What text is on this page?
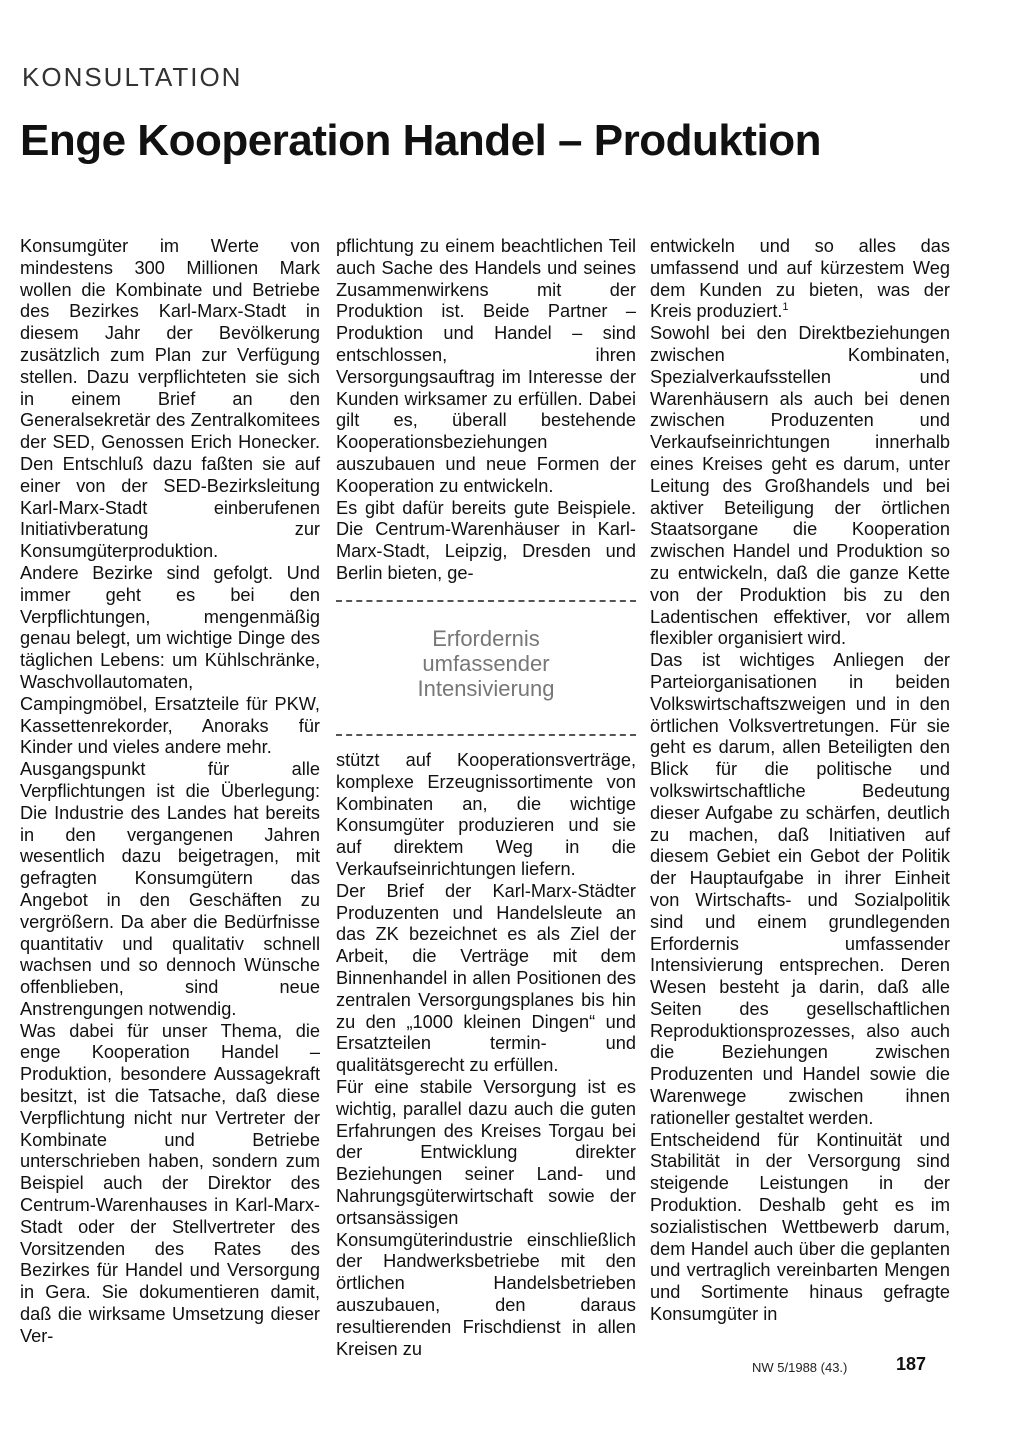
KONSULTATION
Enge Kooperation Handel – Produktion

Konsumgüter im Werte von mindestens 300 Millionen Mark wollen die Kombinate und Betriebe des Bezirkes Karl-Marx-Stadt in diesem Jahr der Bevölkerung zusätzlich zum Plan zur Verfügung stellen. Dazu verpflichteten sie sich in einem Brief an den Generalsekretär des Zentralkomitees der SED, Genossen Erich Honecker. Den Entschluß dazu faßten sie auf einer von der SED-Bezirksleitung Karl-Marx-Stadt einberufenen Initiativberatung zur Konsumgüterproduktion.

Andere Bezirke sind gefolgt. Und immer geht es bei den Verpflichtungen, mengenmäßig genau belegt, um wichtige Dinge des täglichen Lebens: um Kühlschränke, Waschvollautomaten, Campingmöbel, Ersatzteile für PKW, Kassettenrekorder, Anoraks für Kinder und vieles andere mehr.

Ausgangspunkt für alle Verpflichtungen ist die Überlegung: Die Industrie des Landes hat bereits in den vergangenen Jahren wesentlich dazu beigetragen, mit gefragten Konsumgütern das Angebot in den Geschäften zu vergrößern. Da aber die Bedürfnisse quantitativ und qualitativ schnell wachsen und so dennoch Wünsche offenblieben, sind neue Anstrengungen notwendig.

Was dabei für unser Thema, die enge Kooperation Handel – Produktion, besondere Aussagekraft besitzt, ist die Tatsache, daß diese Verpflichtung nicht nur Vertreter der Kombinate und Betriebe unterschrieben haben, sondern zum Beispiel auch der Direktor des Centrum-Warenhauses in Karl-Marx-Stadt oder der Stellvertreter des Vorsitzenden des Rates des Bezirkes für Handel und Versorgung in Gera. Sie dokumentieren damit, daß die wirksame Umsetzung dieser Ver-

pflichtung zu einem beachtlichen Teil auch Sache des Handels und seines Zusammenwirkens mit der Produktion ist. Beide Partner – Produktion und Handel – sind entschlossen, ihren Versorgungsauftrag im Interesse der Kunden wirksamer zu erfüllen. Dabei gilt es, überall bestehende Kooperationsbeziehungen auszubauen und neue Formen der Kooperation zu entwickeln.

Es gibt dafür bereits gute Beispiele. Die Centrum-Warenhäuser in Karl-Marx-Stadt, Leipzig, Dresden und Berlin bieten, ge-

Erfordernis
umfassender
Intensivierung

stützt auf Kooperationsverträge, komplexe Erzeugnissortimente von Kombinaten an, die wichtige Konsumgüter produzieren und sie auf direktem Weg in die Verkaufseinrichtungen liefern.

Der Brief der Karl-Marx-Städter Produzenten und Handelsleute an das ZK bezeichnet es als Ziel der Arbeit, die Verträge mit dem Binnenhandel in allen Positionen des zentralen Versorgungsplanes bis hin zu den „1000 kleinen Dingen“ und Ersatzteilen termin- und qualitätsgerecht zu erfüllen.

Für eine stabile Versorgung ist es wichtig, parallel dazu auch die guten Erfahrungen des Kreises Torgau bei der Entwicklung direkter Beziehungen seiner Land- und Nahrungsgüterwirtschaft sowie der ortsansässigen Konsumgüterindustrie einschließlich der Handwerksbetriebe mit den örtlichen Handelsbetrieben auszubauen, den daraus resultierenden Frischdienst in allen Kreisen zu

entwickeln und so alles das umfassend und auf kürzestem Weg dem Kunden zu bieten, was der Kreis produziert.$^1$

Sowohl bei den Direktbeziehungen zwischen Kombinaten, Spezialverkaufsstellen und Warenhäusern als auch bei denen zwischen Produzenten und Verkaufseinrichtungen innerhalb eines Kreises geht es darum, unter Leitung des Großhandels und bei aktiver Beteiligung der örtlichen Staatsorgane die Kooperation zwischen Handel und Produktion so zu entwickeln, daß die ganze Kette von der Produktion bis zu den Ladentischen effektiver, vor allem flexibler organisiert wird.

Das ist wichtiges Anliegen der Parteiorganisationen in beiden Volkswirtschaftszweigen und in den örtlichen Volksvertretungen. Für sie geht es darum, allen Beteiligten den Blick für die politische und volkswirtschaftliche Bedeutung dieser Aufgabe zu schärfen, deutlich zu machen, daß Initiativen auf diesem Gebiet ein Gebot der Politik der Hauptaufgabe in ihrer Einheit von Wirtschafts- und Sozialpolitik sind und einem grundlegenden Erfordernis umfassender Intensivierung entsprechen. Deren Wesen besteht ja darin, daß alle Seiten des gesellschaftlichen Reproduktionsprozesses, also auch die Beziehungen zwischen Produzenten und Handel sowie die Warenwege zwischen ihnen rationeller gestaltet werden.

Entscheidend für Kontinuität und Stabilität in der Versorgung sind steigende Leistungen in der Produktion. Deshalb geht es im sozialistischen Wettbewerb darum, dem Handel auch über die geplanten und vertraglich vereinbarten Mengen und Sortimente hinaus gefragte Konsumgüter in

NW 5/1988 (43.)	187
